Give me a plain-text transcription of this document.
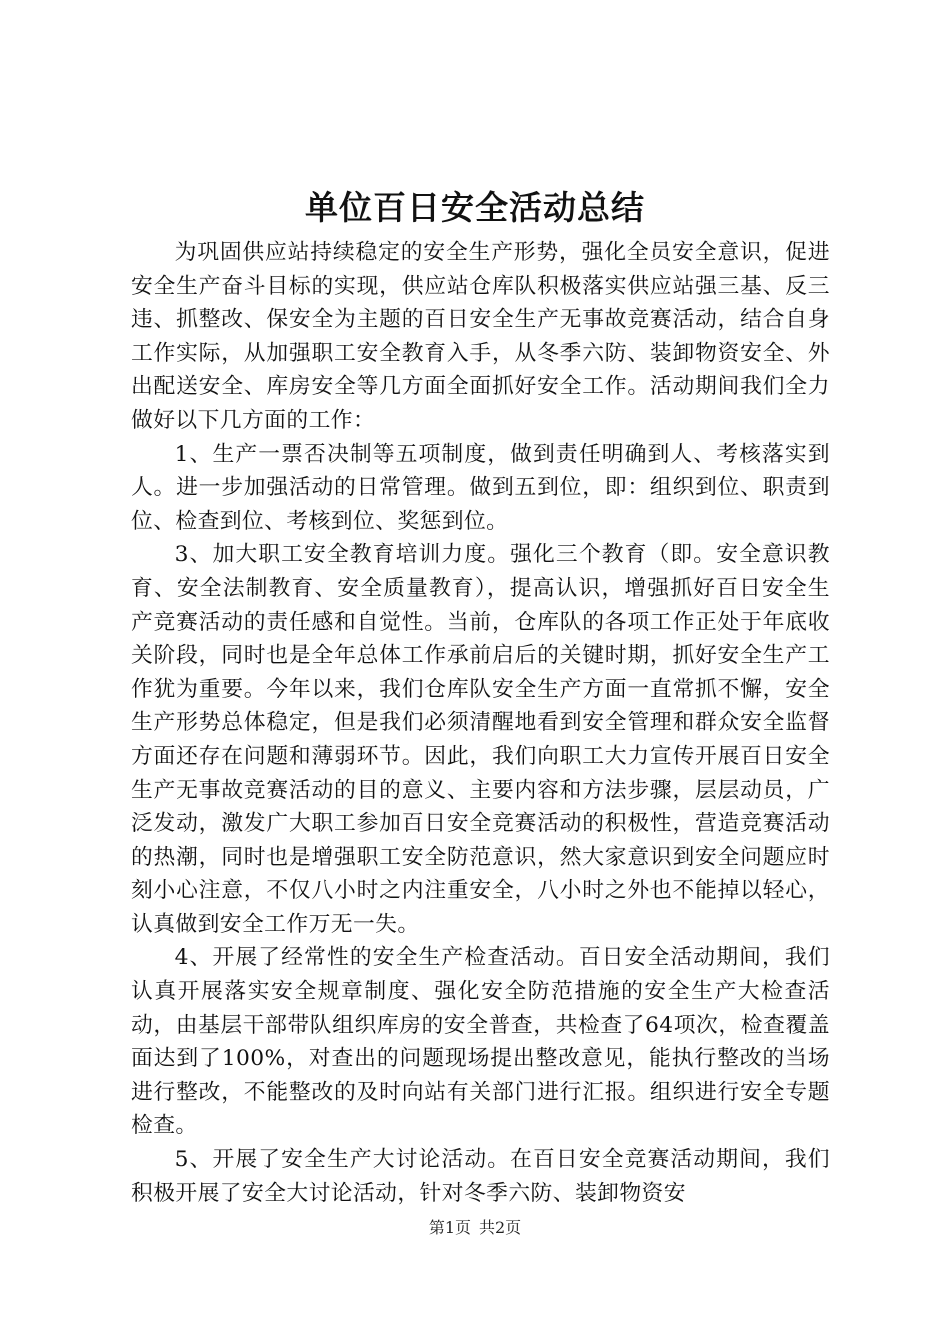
单位百日安全活动总结

为巩固供应站持续稳定的安全生产形势，强化全员安全意识，促进安全生产奋斗目标的实现，供应站仓库队积极落实供应站强三基、反三违、抓整改、保安全为主题的百日安全生产无事故竞赛活动，结合自身工作实际，从加强职工安全教育入手，从冬季六防、装卸物资安全、外出配送安全、库房安全等几方面全面抓好安全工作。活动期间我们全力做好以下几方面的工作：

1、生产一票否决制等五项制度，做到责任明确到人、考核落实到人。进一步加强活动的日常管理。做到五到位，即：组织到位、职责到位、检查到位、考核到位、奖惩到位。

3、加大职工安全教育培训力度。强化三个教育（即。安全意识教育、安全法制教育、安全质量教育），提高认识，增强抓好百日安全生产竞赛活动的责任感和自觉性。当前，仓库队的各项工作正处于年底收关阶段，同时也是全年总体工作承前启后的关键时期，抓好安全生产工作犹为重要。今年以来，我们仓库队安全生产方面一直常抓不懈，安全生产形势总体稳定，但是我们必须清醒地看到安全管理和群众安全监督方面还存在问题和薄弱环节。因此，我们向职工大力宣传开展百日安全生产无事故竞赛活动的目的意义、主要内容和方法步骤，层层动员，广泛发动，激发广大职工参加百日安全竞赛活动的积极性，营造竞赛活动的热潮，同时也是增强职工安全防范意识，然大家意识到安全问题应时刻小心注意，不仅八小时之内注重安全，八小时之外也不能掉以轻心，认真做到安全工作万无一失。

4、开展了经常性的安全生产检查活动。百日安全活动期间，我们认真开展落实安全规章制度、强化安全防范措施的安全生产大检查活动，由基层干部带队组织库房的安全普查，共检查了64项次，检查覆盖面达到了100%，对查出的问题现场提出整改意见，能执行整改的当场进行整改，不能整改的及时向站有关部门进行汇报。组织进行安全专题检查。

5、开展了安全生产大讨论活动。在百日安全竞赛活动期间，我们积极开展了安全大讨论活动，针对冬季六防、装卸物资安

第1页 共2页
